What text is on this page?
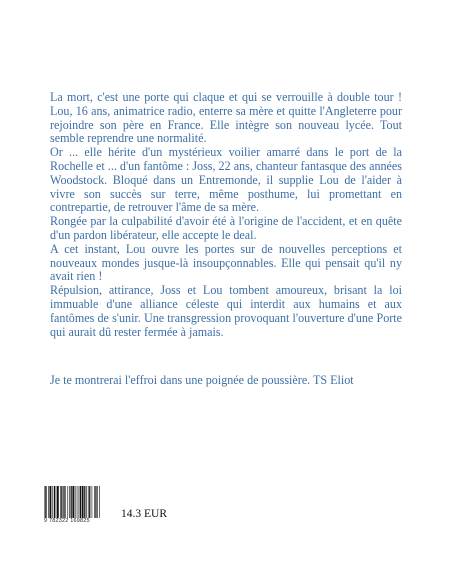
La mort, c'est une porte qui claque et qui se verrouille à double tour ! Lou, 16 ans, animatrice radio, enterre sa mère et quitte l'Angleterre pour rejoindre son père en France. Elle intègre son nouveau lycée. Tout semble reprendre une normalité.

Or ... elle hérite d'un mystérieux voilier amarré dans le port de la Rochelle et ... d'un fantôme : Joss, 22 ans, chanteur fantasque des années Woodstock. Bloqué dans un Entremonde, il supplie Lou de l'aider à vivre son succès sur terre, même posthume, lui promettant en contrepartie, de retrouver l'âme de sa mère.

Rongée par la culpabilité d'avoir été à l'origine de l'accident, et en quête d'un pardon libérateur, elle accepte le deal.

A cet instant, Lou ouvre les portes sur de nouvelles perceptions et nouveaux mondes jusque-là insoupçonnables. Elle qui pensait qu'il ny avait rien !

Répulsion, attirance, Joss et Lou tombent amoureux, brisant la loi immuable d'une alliance céleste qui interdit aux humains et aux fantômes de s'unir. Une transgression provoquant l'ouverture d'une Porte qui aurait dû rester fermée à jamais.

Je te montrerai l'effroi dans une poignée de poussière. TS Eliot
9 782322 169825
14.3 EUR
